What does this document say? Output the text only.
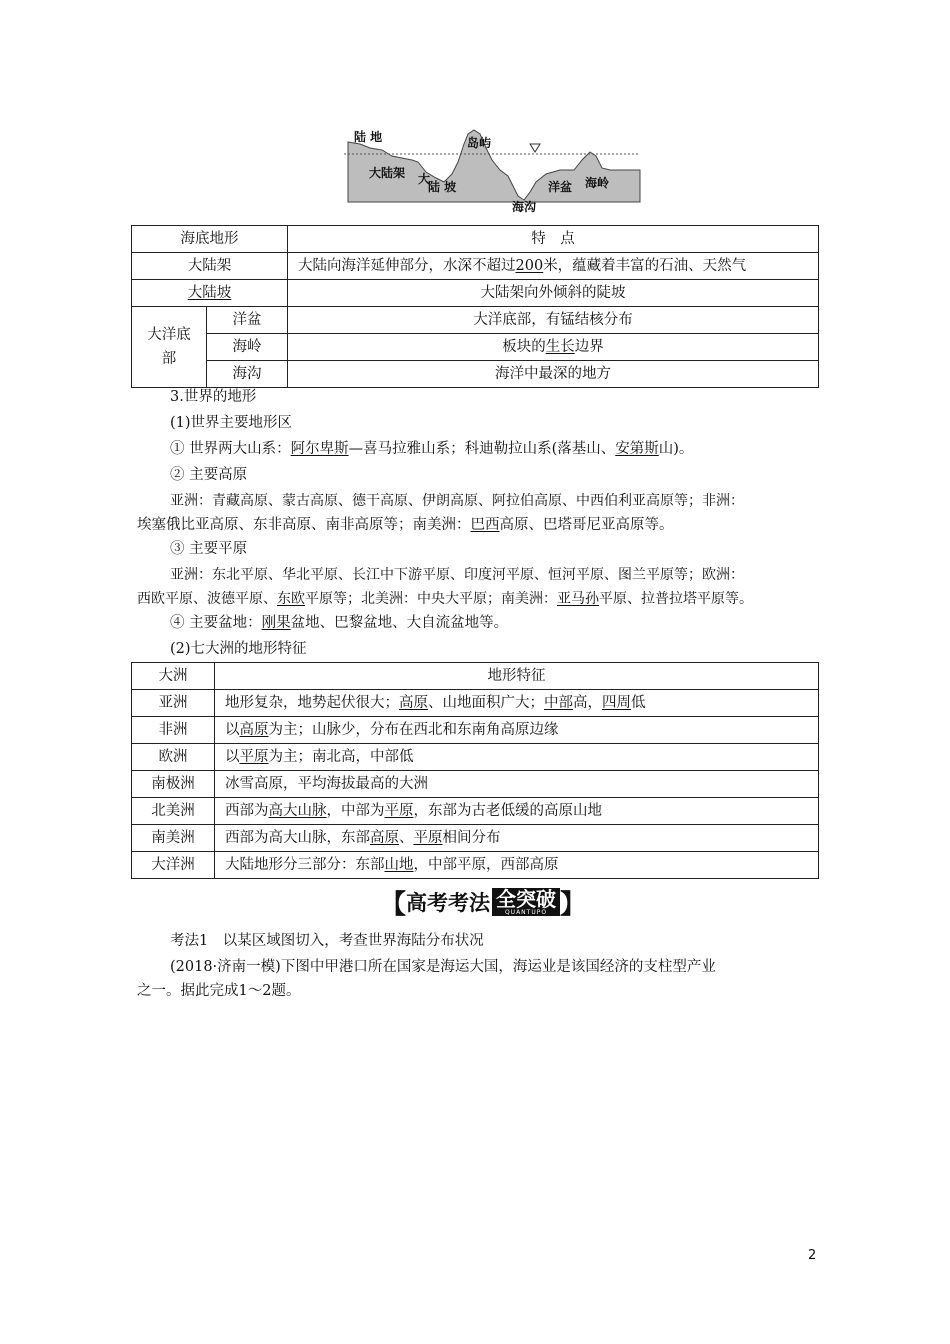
陆 地	岛屿
大陆架 大
陆 坡	洋盆 海岭
海沟
海底地形		特　点
大陆架		大陆向海洋延伸部分，水深不超过200米，蕴藏着丰富的石油、天然气
大陆坡		大陆架向外倾斜的陡坡

大洋底部	洋盆	大洋底部，有锰结核分布
	海岭	板块的生长边界
	海沟	海洋中最深的地方
3.世界的地形
(1)世界主要地形区
① 世界两大山系：阿尔卑斯—喜马拉雅山系；科迪勒拉山系(落基山、安第斯山)。
② 主要高原
亚洲：青藏高原、蒙古高原、德干高原、伊朗高原、阿拉伯高原、中西伯利亚高原等；非洲：
埃塞俄比亚高原、东非高原、南非高原等；南美洲：巴西高原、巴塔哥尼亚高原等。
③ 主要平原
亚洲：东北平原、华北平原、长江中下游平原、印度河平原、恒河平原、图兰平原等；欧洲：
西欧平原、波德平原、东欧平原等；北美洲：中央大平原；南美洲：亚马孙平原、拉普拉塔平原等。
④ 主要盆地：刚果盆地、巴黎盆地、大自流盆地等。
(2)七大洲的地形特征
大洲	地形特征
亚洲	地形复杂，地势起伏很大；高原、山地面积广大；中部高，四周低
非洲	以高原为主；山脉少，分布在西北和东南角高原边缘
欧洲	以平原为主；南北高，中部低
南极洲	冰雪高原，平均海拔最高的大洲
北美洲	西部为高大山脉，中部为平原，东部为古老低缓的高原山地
南美洲	西部为高大山脉，东部高原、平原相间分布
大洋洲	大陆地形分三部分：东部山地，中部平原，西部高原
【 高考考法 全突破
QUANTUPO 】
考法1　以某区域图切入，考查世界海陆分布状况
(2018·济南一模)下图中甲港口所在国家是海运大国，海运业是该国经济的支柱型产业
之一。据此完成1～2题。
2
